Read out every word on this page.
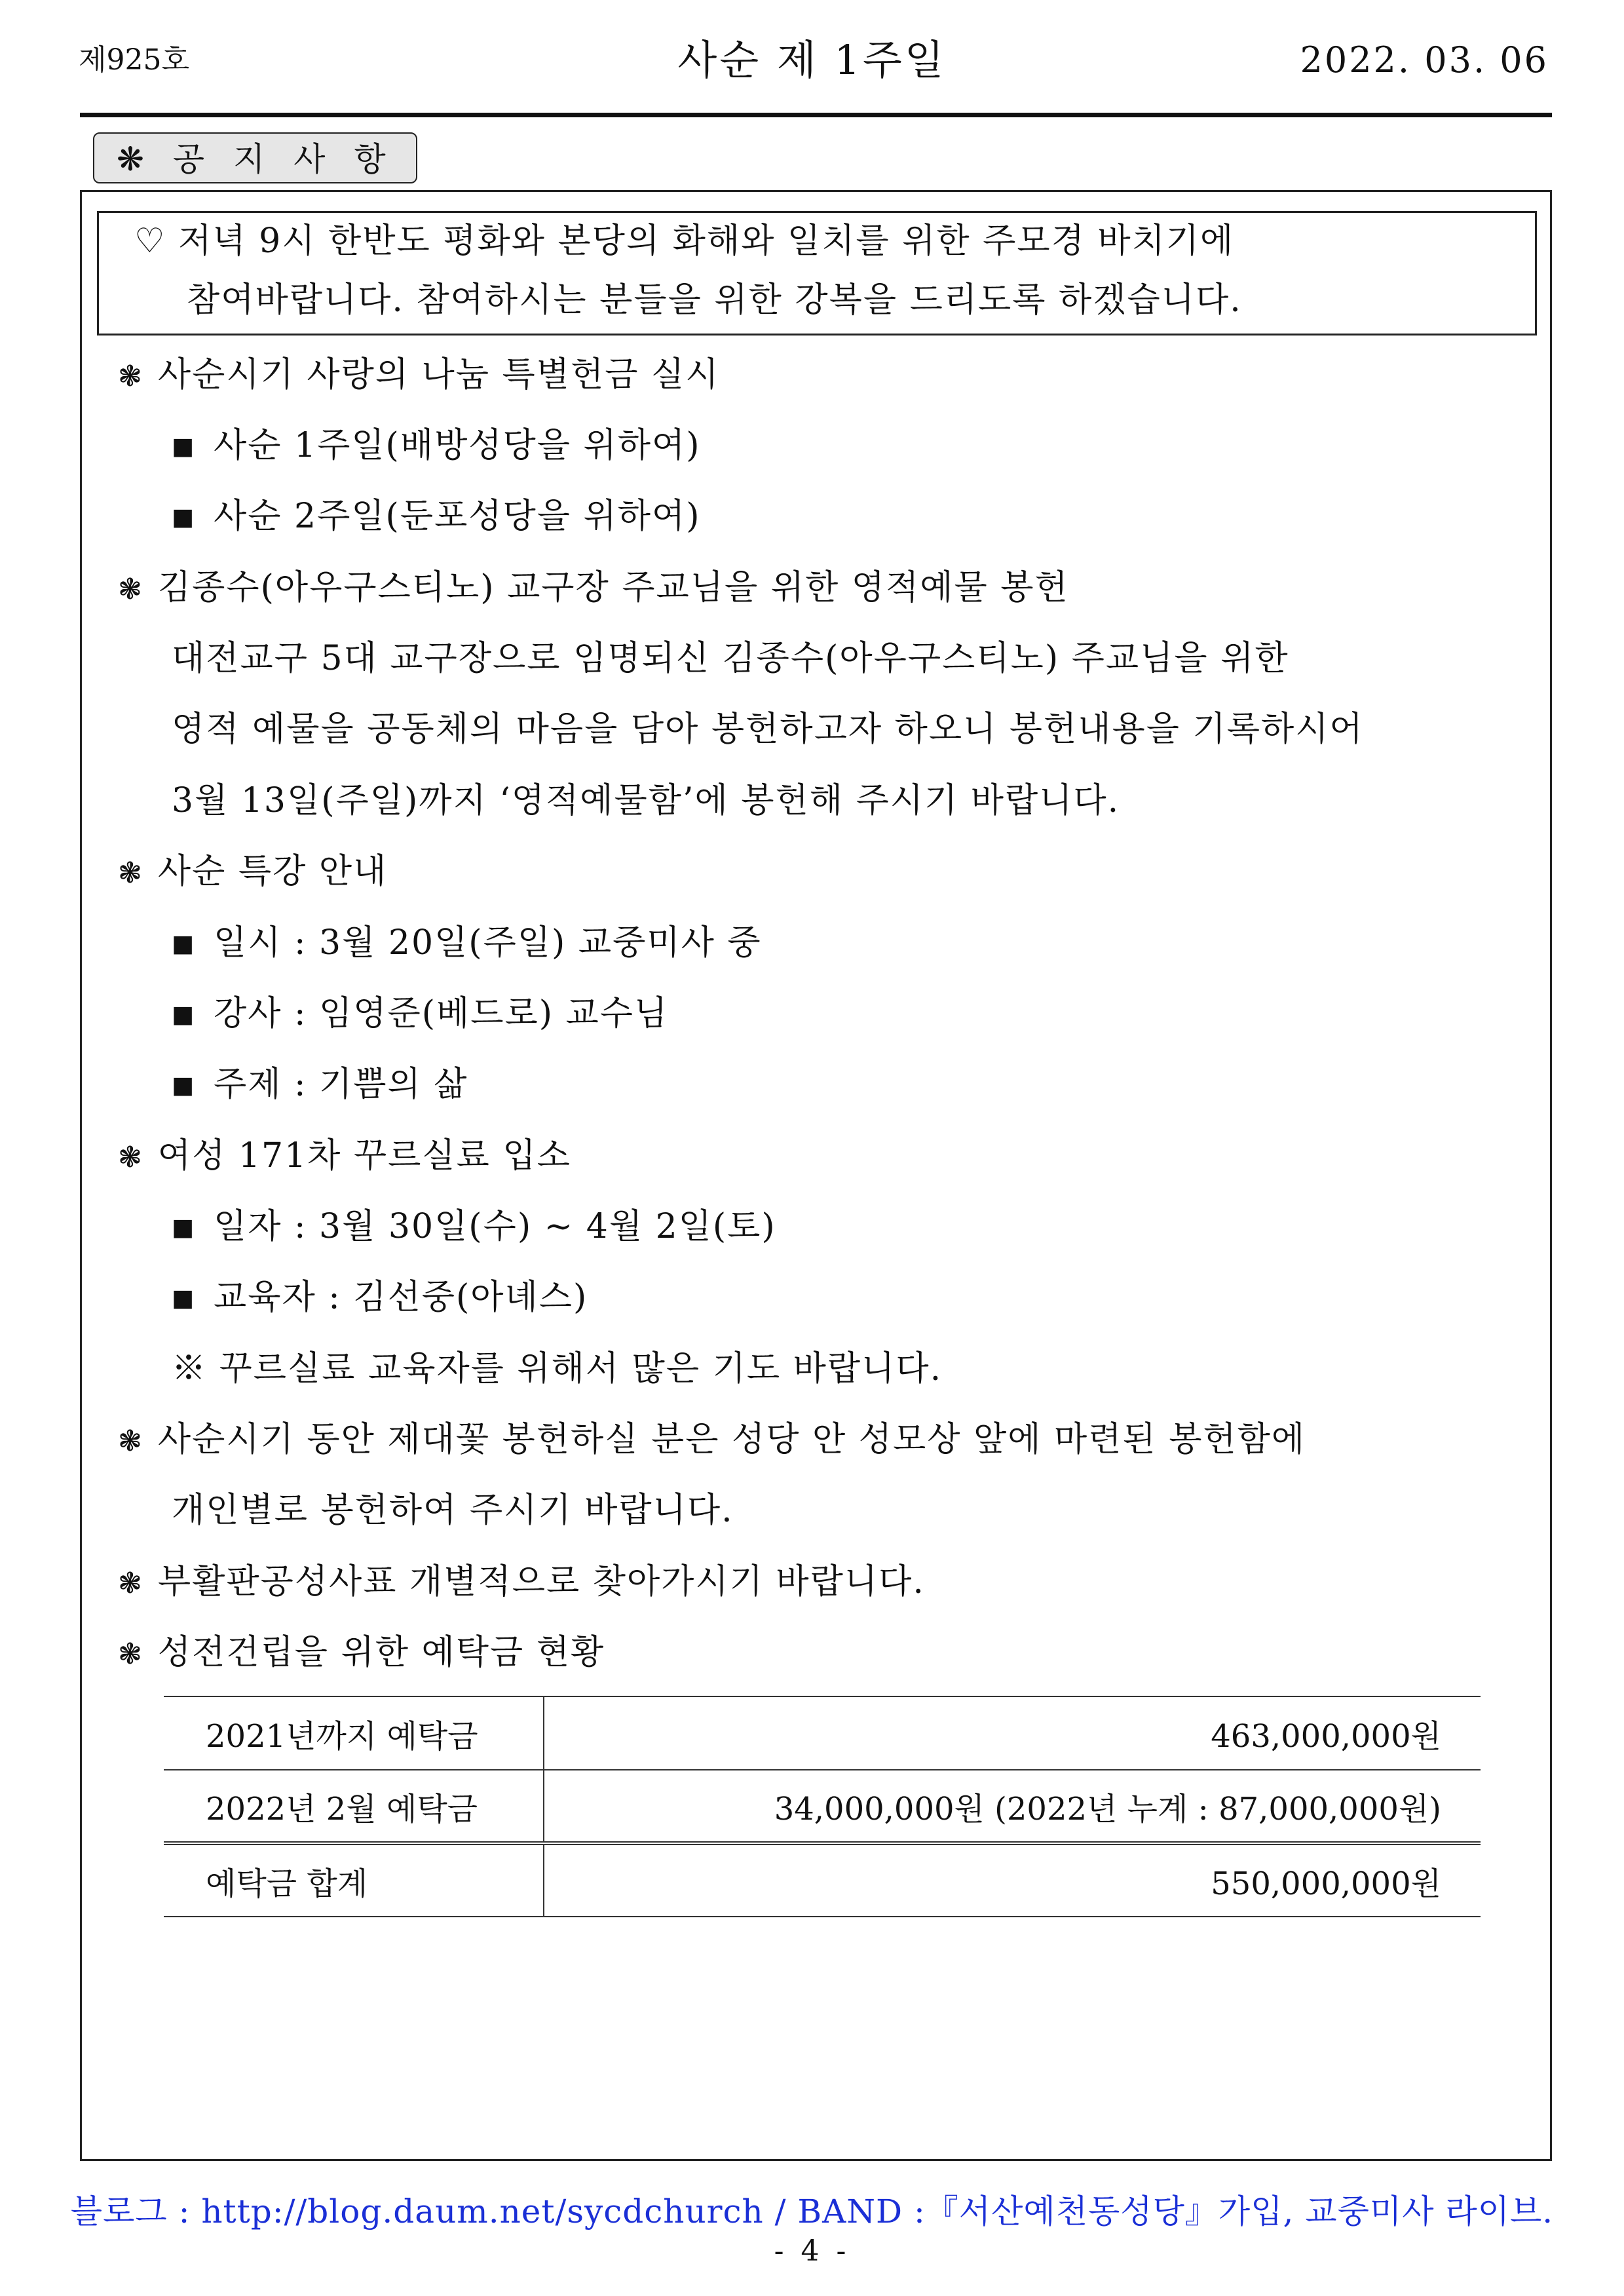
제925호	사순 제 1주일	2022. 03. 06
❋ 공 지 사 항
♡ 저녁 9시 한반도 평화와 본당의 화해와 일치를 위한 주모경 바치기에
참여바랍니다. 참여하시는 분들을 위한 강복을 드리도록 하겠습니다.
❃ 사순시기 사랑의 나눔 특별헌금 실시
■ 사순 1주일(배방성당을 위하여)
■ 사순 2주일(둔포성당을 위하여)
❃ 김종수(아우구스티노) 교구장 주교님을 위한 영적예물 봉헌
대전교구 5대 교구장으로 임명되신 김종수(아우구스티노) 주교님을 위한
영적 예물을 공동체의 마음을 담아 봉헌하고자 하오니 봉헌내용을 기록하시어
3월 13일(주일)까지 ‘영적예물함’에 봉헌해 주시기 바랍니다.
❃ 사순 특강 안내
■ 일시 : 3월 20일(주일) 교중미사 중
■ 강사 : 임영준(베드로) 교수님
■ 주제 : 기쁨의 삶
❃ 여성 171차 꾸르실료 입소
■ 일자 : 3월 30일(수) ~ 4월 2일(토)
■ 교육자 : 김선중(아녜스)
※ 꾸르실료 교육자를 위해서 많은 기도 바랍니다.
❃ 사순시기 동안 제대꽃 봉헌하실 분은 성당 안 성모상 앞에 마련된 봉헌함에
개인별로 봉헌하여 주시기 바랍니다.
❃ 부활판공성사표 개별적으로 찾아가시기 바랍니다.
❃ 성전건립을 위한 예탁금 현황
2021년까지 예탁금	463,000,000원
2022년 2월 예탁금	34,000,000원 (2022년 누계 : 87,000,000원)
예탁금 합계	550,000,000원
블로그 : http://blog.daum.net/sycdchurch / BAND :『서산예천동성당』가입, 교중미사 라이브.
- 4 -
